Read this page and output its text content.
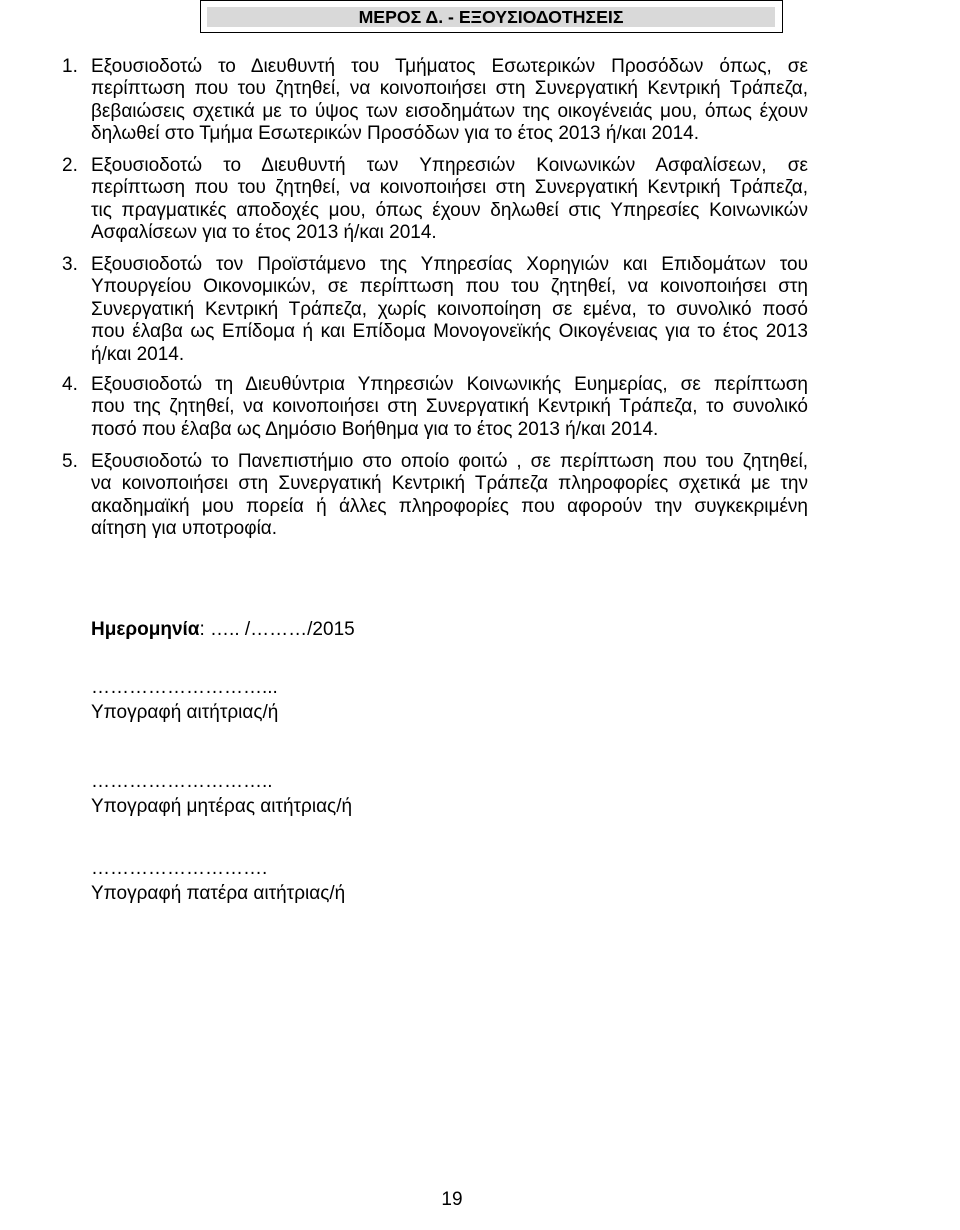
ΜΕΡΟΣ Δ. - ΕΞΟΥΣΙΟΔΟΤΗΣΕΙΣ
1. Εξουσιοδοτώ το Διευθυντή του Τμήματος Εσωτερικών Προσόδων όπως, σε
περίπτωση που του ζητηθεί, να κοινοποιήσει στη Συνεργατική Κεντρική Τράπεζα,
βεβαιώσεις σχετικά με το ύψος των εισοδημάτων της οικογένειάς μου, όπως έχουν
δηλωθεί στο Τμήμα Εσωτερικών Προσόδων για το έτος 2013 ή/και 2014.
2. Εξουσιοδοτώ το Διευθυντή των Υπηρεσιών Κοινωνικών Ασφαλίσεων, σε
περίπτωση που του ζητηθεί, να κοινοποιήσει στη Συνεργατική Κεντρική Τράπεζα,
τις πραγματικές αποδοχές μου, όπως έχουν δηλωθεί στις Υπηρεσίες Κοινωνικών
Ασφαλίσεων για το έτος 2013 ή/και 2014.
3. Εξουσιοδοτώ τον Προϊστάμενο της Υπηρεσίας Χορηγιών και Επιδομάτων του
Υπουργείου Οικονομικών, σε περίπτωση που του ζητηθεί, να κοινοποιήσει στη
Συνεργατική Κεντρική Τράπεζα, χωρίς κοινοποίηση σε εμένα, το συνολικό ποσό
που έλαβα ως Επίδομα ή και Επίδομα Μονογονεϊκής Οικογένειας για το έτος 2013
ή/και 2014.
4. Εξουσιοδοτώ τη Διευθύντρια Υπηρεσιών Κοινωνικής Ευημερίας, σε περίπτωση
που της ζητηθεί, να κοινοποιήσει στη Συνεργατική Κεντρική Τράπεζα, το συνολικό
ποσό που έλαβα ως Δημόσιο Βοήθημα για το έτος 2013 ή/και 2014.
5. Εξουσιοδοτώ το Πανεπιστήμιο στο οποίο φοιτώ , σε περίπτωση που του ζητηθεί,
να κοινοποιήσει στη Συνεργατική Κεντρική Τράπεζα πληροφορίες σχετικά με την
ακαδημαϊκή μου πορεία ή άλλες πληροφορίες που αφορούν την συγκεκριμένη
αίτηση για υποτροφία.
Ημερομηνία: ….. /………/2015
………………………...
Υπογραφή αιτήτριας/ή
………………………..
Υπογραφή μητέρας αιτήτριας/ή
……………………….
Υπογραφή πατέρα αιτήτριας/ή
19
